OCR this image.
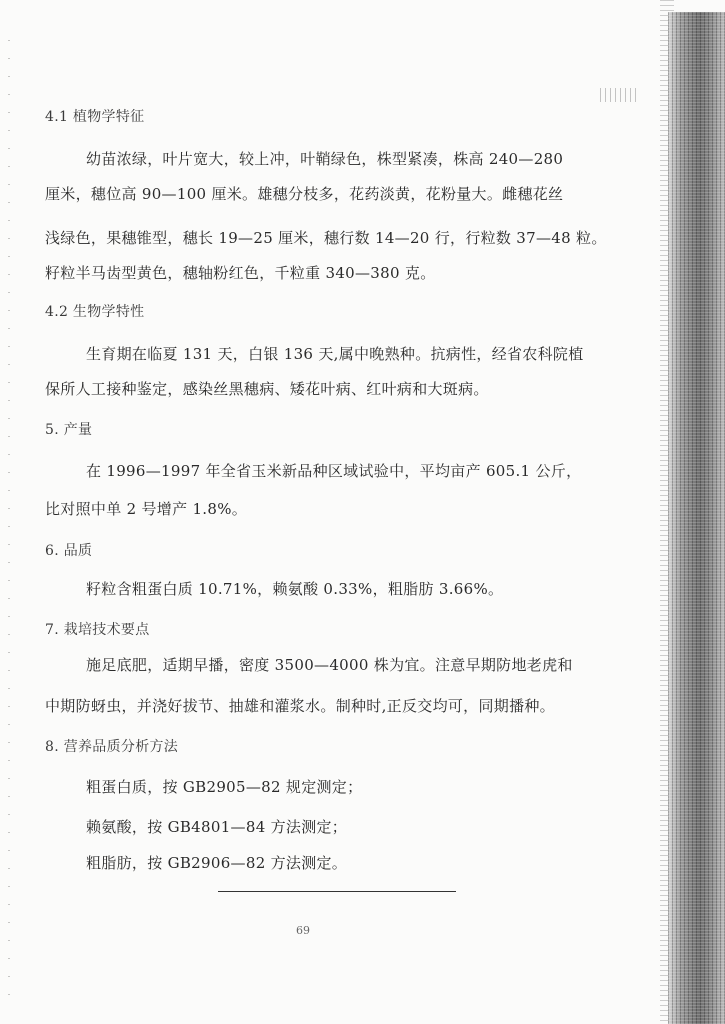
4.1 植物学特征
幼苗浓绿，叶片宽大，较上冲，叶鞘绿色，株型紧凑，株高 240—280
厘米，穗位高 90—100 厘米。雄穗分枝多，花药淡黄，花粉量大。雌穗花丝
浅绿色，果穗锥型，穗长 19—25 厘米，穗行数 14—20 行，行粒数 37—48 粒。
籽粒半马齿型黄色，穗轴粉红色，千粒重 340—380 克。
4.2 生物学特性
生育期在临夏 131 天，白银 136 天,属中晚熟种。抗病性，经省农科院植
保所人工接种鉴定，感染丝黑穗病、矮花叶病、红叶病和大斑病。
5. 产量
在 1996—1997 年全省玉米新品种区域试验中，平均亩产 605.1 公斤，
比对照中单 2 号增产 1.8%。
6. 品质
籽粒含粗蛋白质 10.71%，赖氨酸 0.33%，粗脂肪 3.66%。
7. 栽培技术要点
施足底肥，适期早播，密度 3500—4000 株为宜。注意早期防地老虎和
中期防蚜虫，并浇好拔节、抽雄和灌浆水。制种时,正反交均可，同期播种。
8. 营养品质分析方法
粗蛋白质，按 GB2905—82 规定测定；
赖氨酸，按 GB4801—84 方法测定；
粗脂肪，按 GB2906—82 方法测定。
69
